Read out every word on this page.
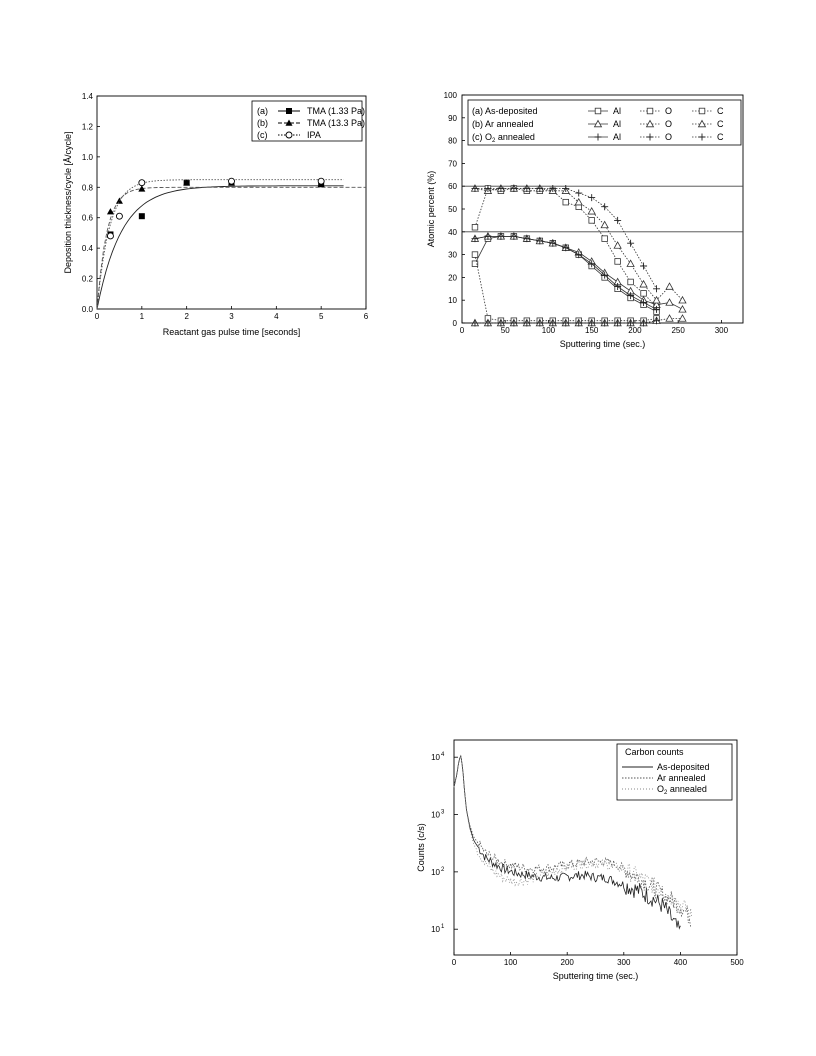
0	1	2	3	4	5	6
0.0
0.2
0.4
0.6
0.8
1.0
1.2
1.4
Reactant gas pulse time [seconds]
Deposition thickness/cycle [Å/cycle]
(a)	TMA (1.33 Pa)
(b)	TMA (13.3 Pa)
(c)	IPA
0	50	100	150	200	250	300
0
10
20
30
40
50
60
70
80
90
100
Sputtering time (sec.)
Atomic percent (%)
(a) As-deposited	Al	O	C
(b) Ar annealed	Al	O	C
(c) $O_2$ annealed	Al	O	C
0	100	200	300	400	500
10 1
10 2
10 3
10 4
Sputtering time (sec.)
Counts (c/s)
Carbon counts
As-deposited
Ar annealed
$O_2$ annealed
